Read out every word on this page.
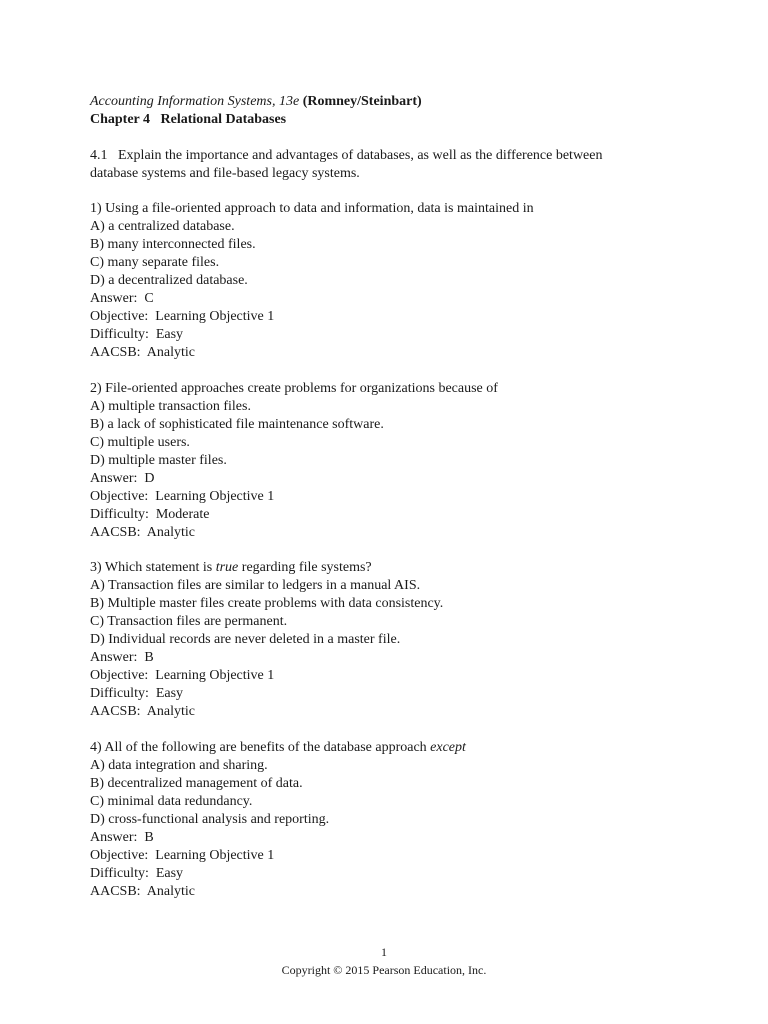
Accounting Information Systems, 13e (Romney/Steinbart)
Chapter 4   Relational Databases
4.1   Explain the importance and advantages of databases, as well as the difference between
database systems and file-based legacy systems.
1) Using a file-oriented approach to data and information, data is maintained in
A) a centralized database.
B) many interconnected files.
C) many separate files.
D) a decentralized database.
Answer:  C
Objective:  Learning Objective 1
Difficulty:  Easy
AACSB:  Analytic
2) File-oriented approaches create problems for organizations because of
A) multiple transaction files.
B) a lack of sophisticated file maintenance software.
C) multiple users.
D) multiple master files.
Answer:  D
Objective:  Learning Objective 1
Difficulty:  Moderate
AACSB:  Analytic
3) Which statement is true regarding file systems?
A) Transaction files are similar to ledgers in a manual AIS.
B) Multiple master files create problems with data consistency.
C) Transaction files are permanent.
D) Individual records are never deleted in a master file.
Answer:  B
Objective:  Learning Objective 1
Difficulty:  Easy
AACSB:  Analytic
4) All of the following are benefits of the database approach except
A) data integration and sharing.
B) decentralized management of data.
C) minimal data redundancy.
D) cross-functional analysis and reporting.
Answer:  B
Objective:  Learning Objective 1
Difficulty:  Easy
AACSB:  Analytic
1
Copyright © 2015 Pearson Education, Inc.
